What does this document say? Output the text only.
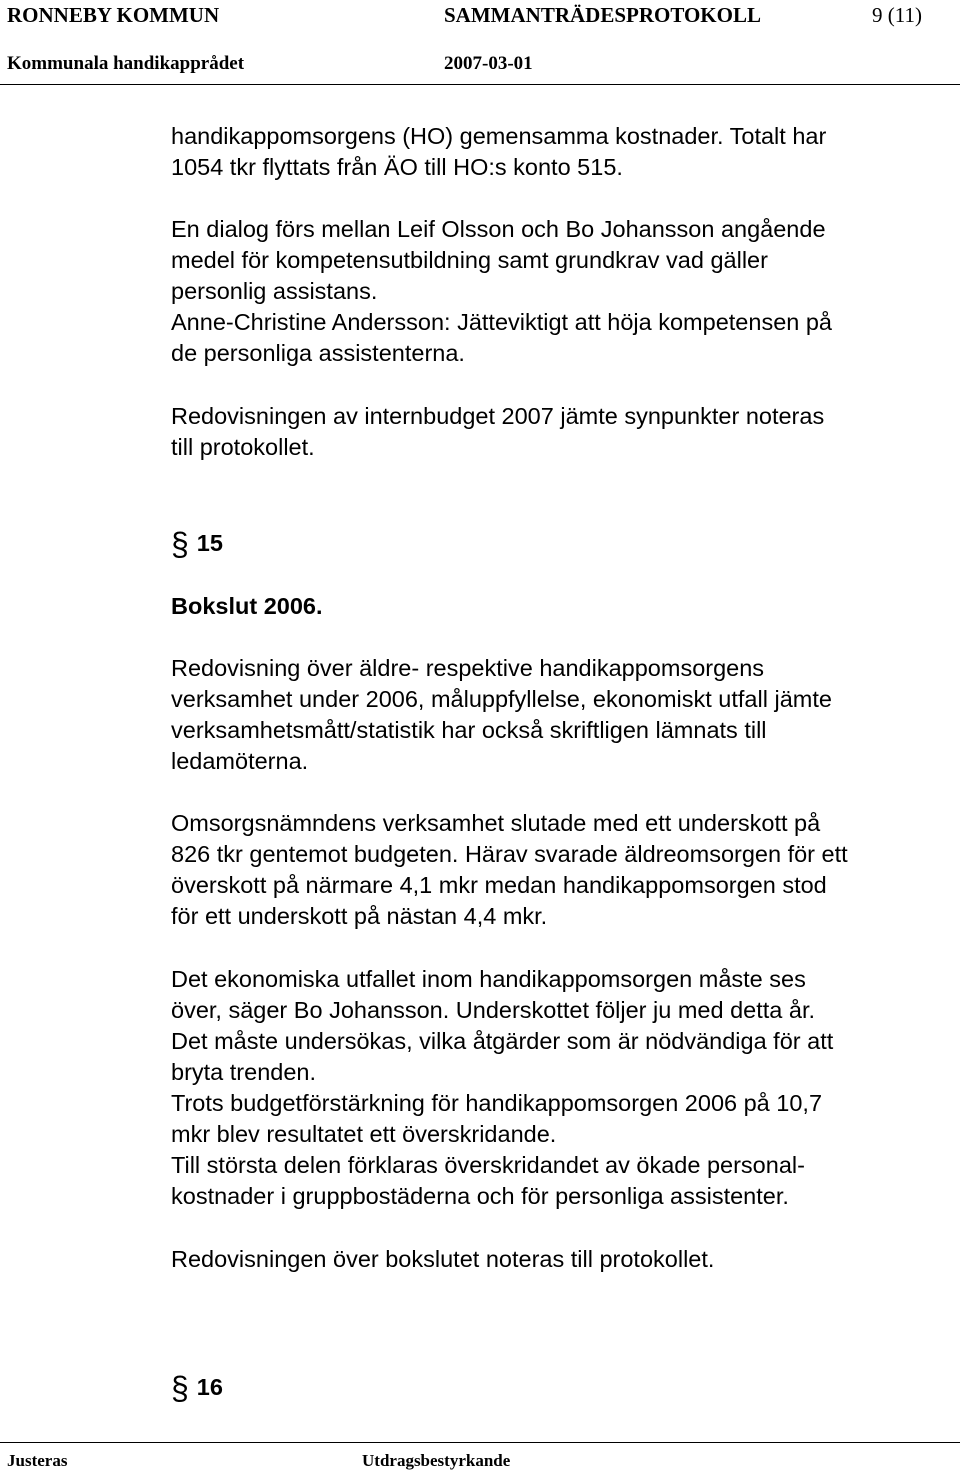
RONNEBY KOMMUN	SAMMANTRÄDESPROTOKOLL	9 (11)
Kommunala handikapprådet	2007-03-01

handikappomsorgens (HO) gemensamma kostnader. Totalt har
1054 tkr flyttats från ÄO till HO:s konto 515.

En dialog förs mellan Leif Olsson och Bo Johansson angående
medel för kompetensutbildning samt grundkrav vad gäller
personlig assistans.
Anne-Christine Andersson: Jätteviktigt att höja kompetensen på
de personliga assistenterna.

Redovisningen av internbudget 2007 jämte synpunkter noteras
till protokollet.

§ 15
Bokslut 2006.

Redovisning över äldre- respektive handikappomsorgens
verksamhet under 2006, måluppfyllelse, ekonomiskt utfall jämte
verksamhetsmått/statistik har också skriftligen lämnats till
ledamöterna.

Omsorgsnämndens verksamhet slutade med ett underskott på
826 tkr gentemot budgeten. Härav svarade äldreomsorgen för ett
överskott på närmare 4,1 mkr medan handikappomsorgen stod
för ett underskott på nästan 4,4 mkr.

Det ekonomiska utfallet inom handikappomsorgen måste ses
över, säger Bo Johansson. Underskottet följer ju med detta år.
Det måste undersökas, vilka åtgärder som är nödvändiga för att
bryta trenden.
Trots budgetförstärkning för handikappomsorgen 2006 på 10,7
mkr blev resultatet ett överskridande.
Till största delen förklaras överskridandet av ökade personal-
kostnader i gruppbostäderna och för personliga assistenter.

Redovisningen över bokslutet noteras till protokollet.

§ 16
Justeras	Utdragsbestyrkande
